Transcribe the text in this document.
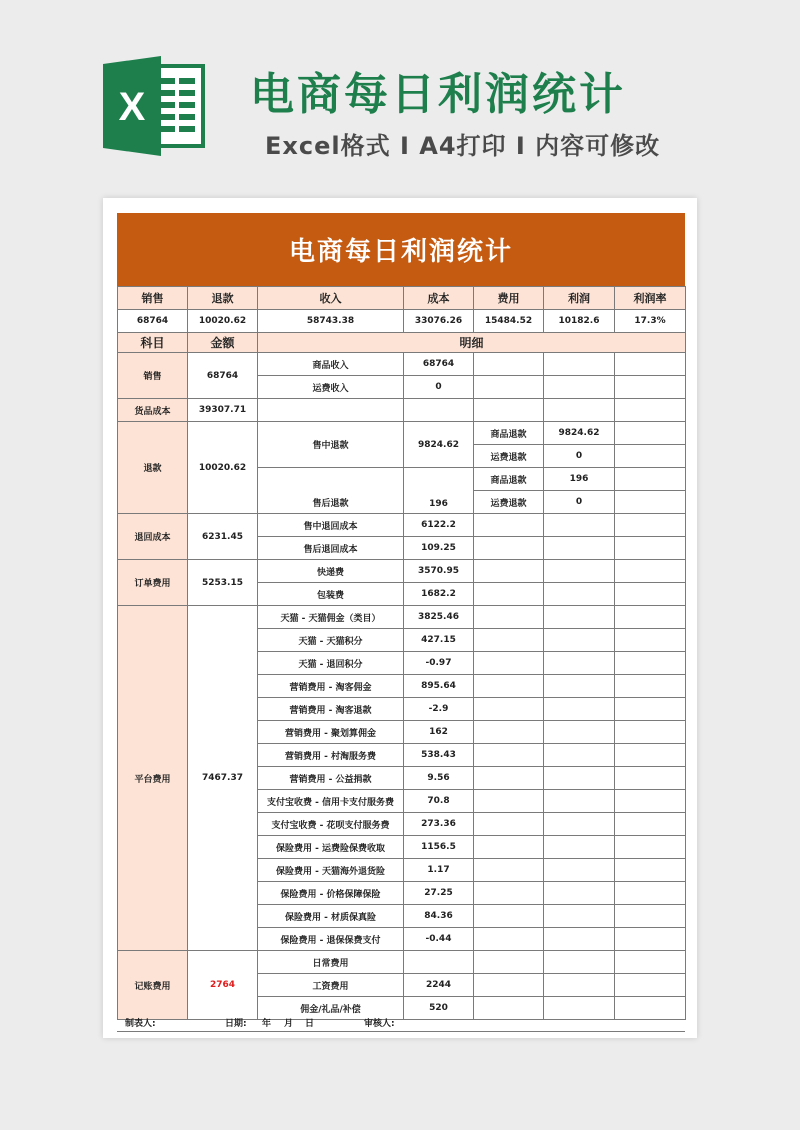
X 电商每日利润统计
Excel格式 I A4打印 I 内容可修改
电商每日利润统计
销售	退款	收入	成本	费用	利润	利润率
68764	10020.62	58743.38	33076.26	15484.52	10182.6	17.3%
科目	金额	明细				
销售	68764	商品收入	68764			
		运费收入	0			
货品成本	39307.71					
退款	10020.62	售中退款	9824.62	商品退款	9824.62	
				运费退款	0	
		售后退款	196	商品退款	196	
				运费退款	0	
退回成本	6231.45	售中退回成本	6122.2			
		售后退回成本	109.25			
订单费用	5253.15	快递费	3570.95			
		包装费	1682.2			
平台费用	7467.37	天猫 - 天猫佣金（类目）	3825.46			
		天猫 - 天猫积分	427.15			
		天猫 - 退回积分	-0.97			
		营销费用 - 淘客佣金	895.64			
		营销费用 - 淘客退款	-2.9			
		营销费用 - 聚划算佣金	162			
		营销费用 - 村淘服务费	538.43			
		营销费用 - 公益捐款	9.56			
		支付宝收费 - 信用卡支付服务费	70.8			
		支付宝收费 - 花呗支付服务费	273.36			
		保险费用 - 运费险保费收取	1156.5			
		保险费用 - 天猫海外退货险	1.17			
		保险费用 - 价格保障保险	27.25			
		保险费用 - 材质保真险	84.36			
		保险费用 - 退保保费支付	-0.44			
记账费用	2764	日常费用				
		工资费用	2244			
		佣金/礼品/补偿	520			
制表人:	日期: 年 月 日	审核人:
